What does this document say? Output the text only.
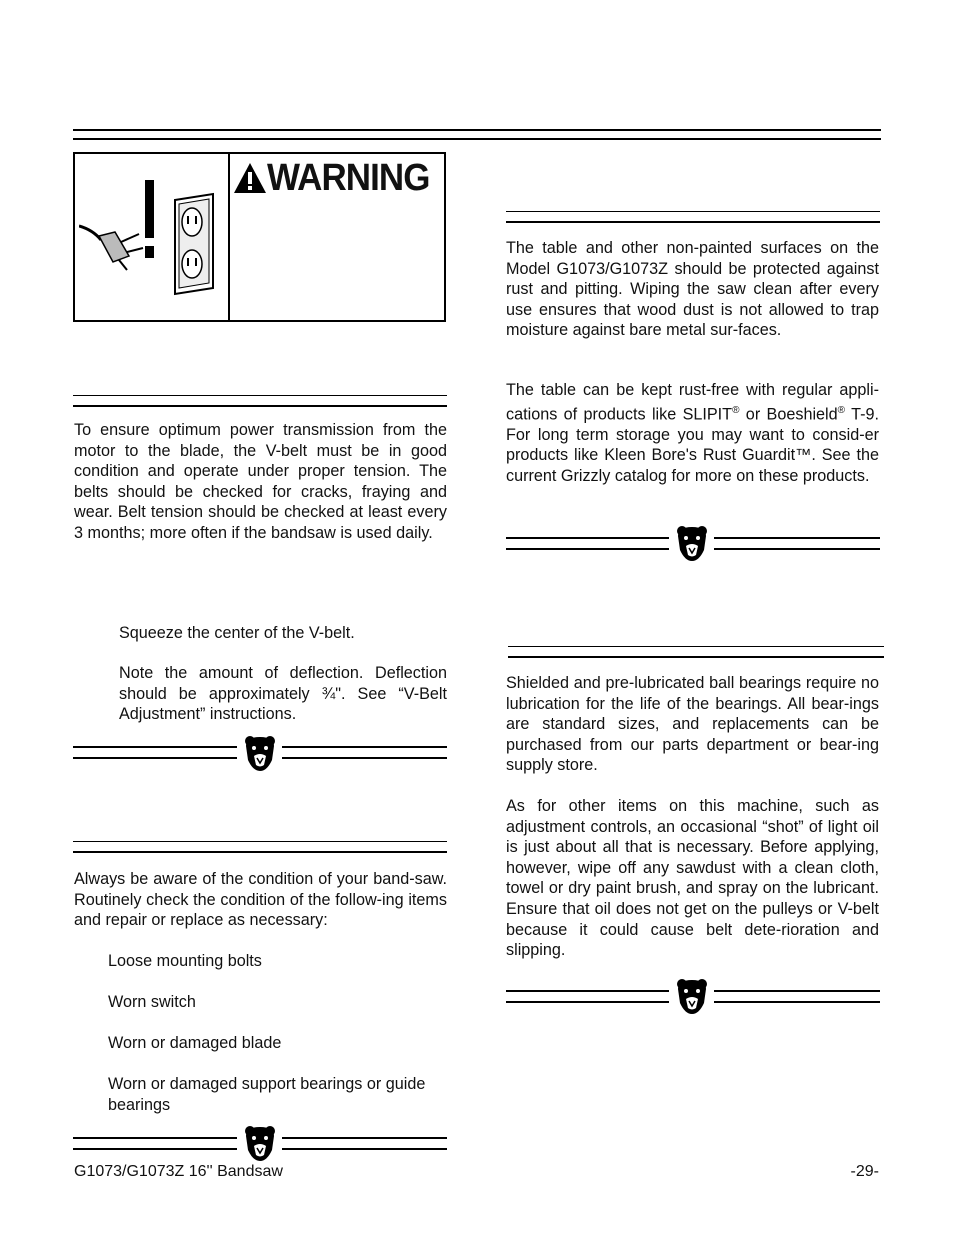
WARNING
To ensure optimum power transmission from the motor to the blade, the V-belt must be in good condition and operate under proper tension. The belts should be checked for cracks, fraying and wear. Belt tension should be checked at least every 3 months; more often if the bandsaw is used daily.
Squeeze the center of the V-belt.
Note the amount of deflection. Deflection should be approximately ¾". See “V-Belt Adjustment” instructions.
Always be aware of the condition of your band-saw. Routinely check the condition of the follow-ing items and repair or replace as necessary:
Loose mounting bolts
Worn switch
Worn or damaged blade
Worn or damaged support bearings or guide bearings
The table and other non-painted surfaces on the Model G1073/G1073Z should be protected against rust and pitting. Wiping the saw clean after every use ensures that wood dust is not allowed to trap moisture against bare metal sur-faces.
The table can be kept rust-free with regular appli-cations of products like SLIPIT® or Boeshield® T-9. For long term storage you may want to consid-er products like Kleen Bore's Rust Guardit™. See the current Grizzly catalog for more on these products.
Shielded and pre-lubricated ball bearings require no lubrication for the life of the bearings. All bear-ings are standard sizes, and replacements can be purchased from our parts department or bear-ing supply store.
As for other items on this machine, such as adjustment controls, an occasional “shot” of light oil is just about all that is necessary. Before applying, however, wipe off any sawdust with a clean cloth, towel or dry paint brush, and spray on the lubricant. Ensure that oil does not get on the pulleys or V-belt because it could cause belt dete-rioration and slipping.
G1073/G1073Z 16'' Bandsaw	-29-
